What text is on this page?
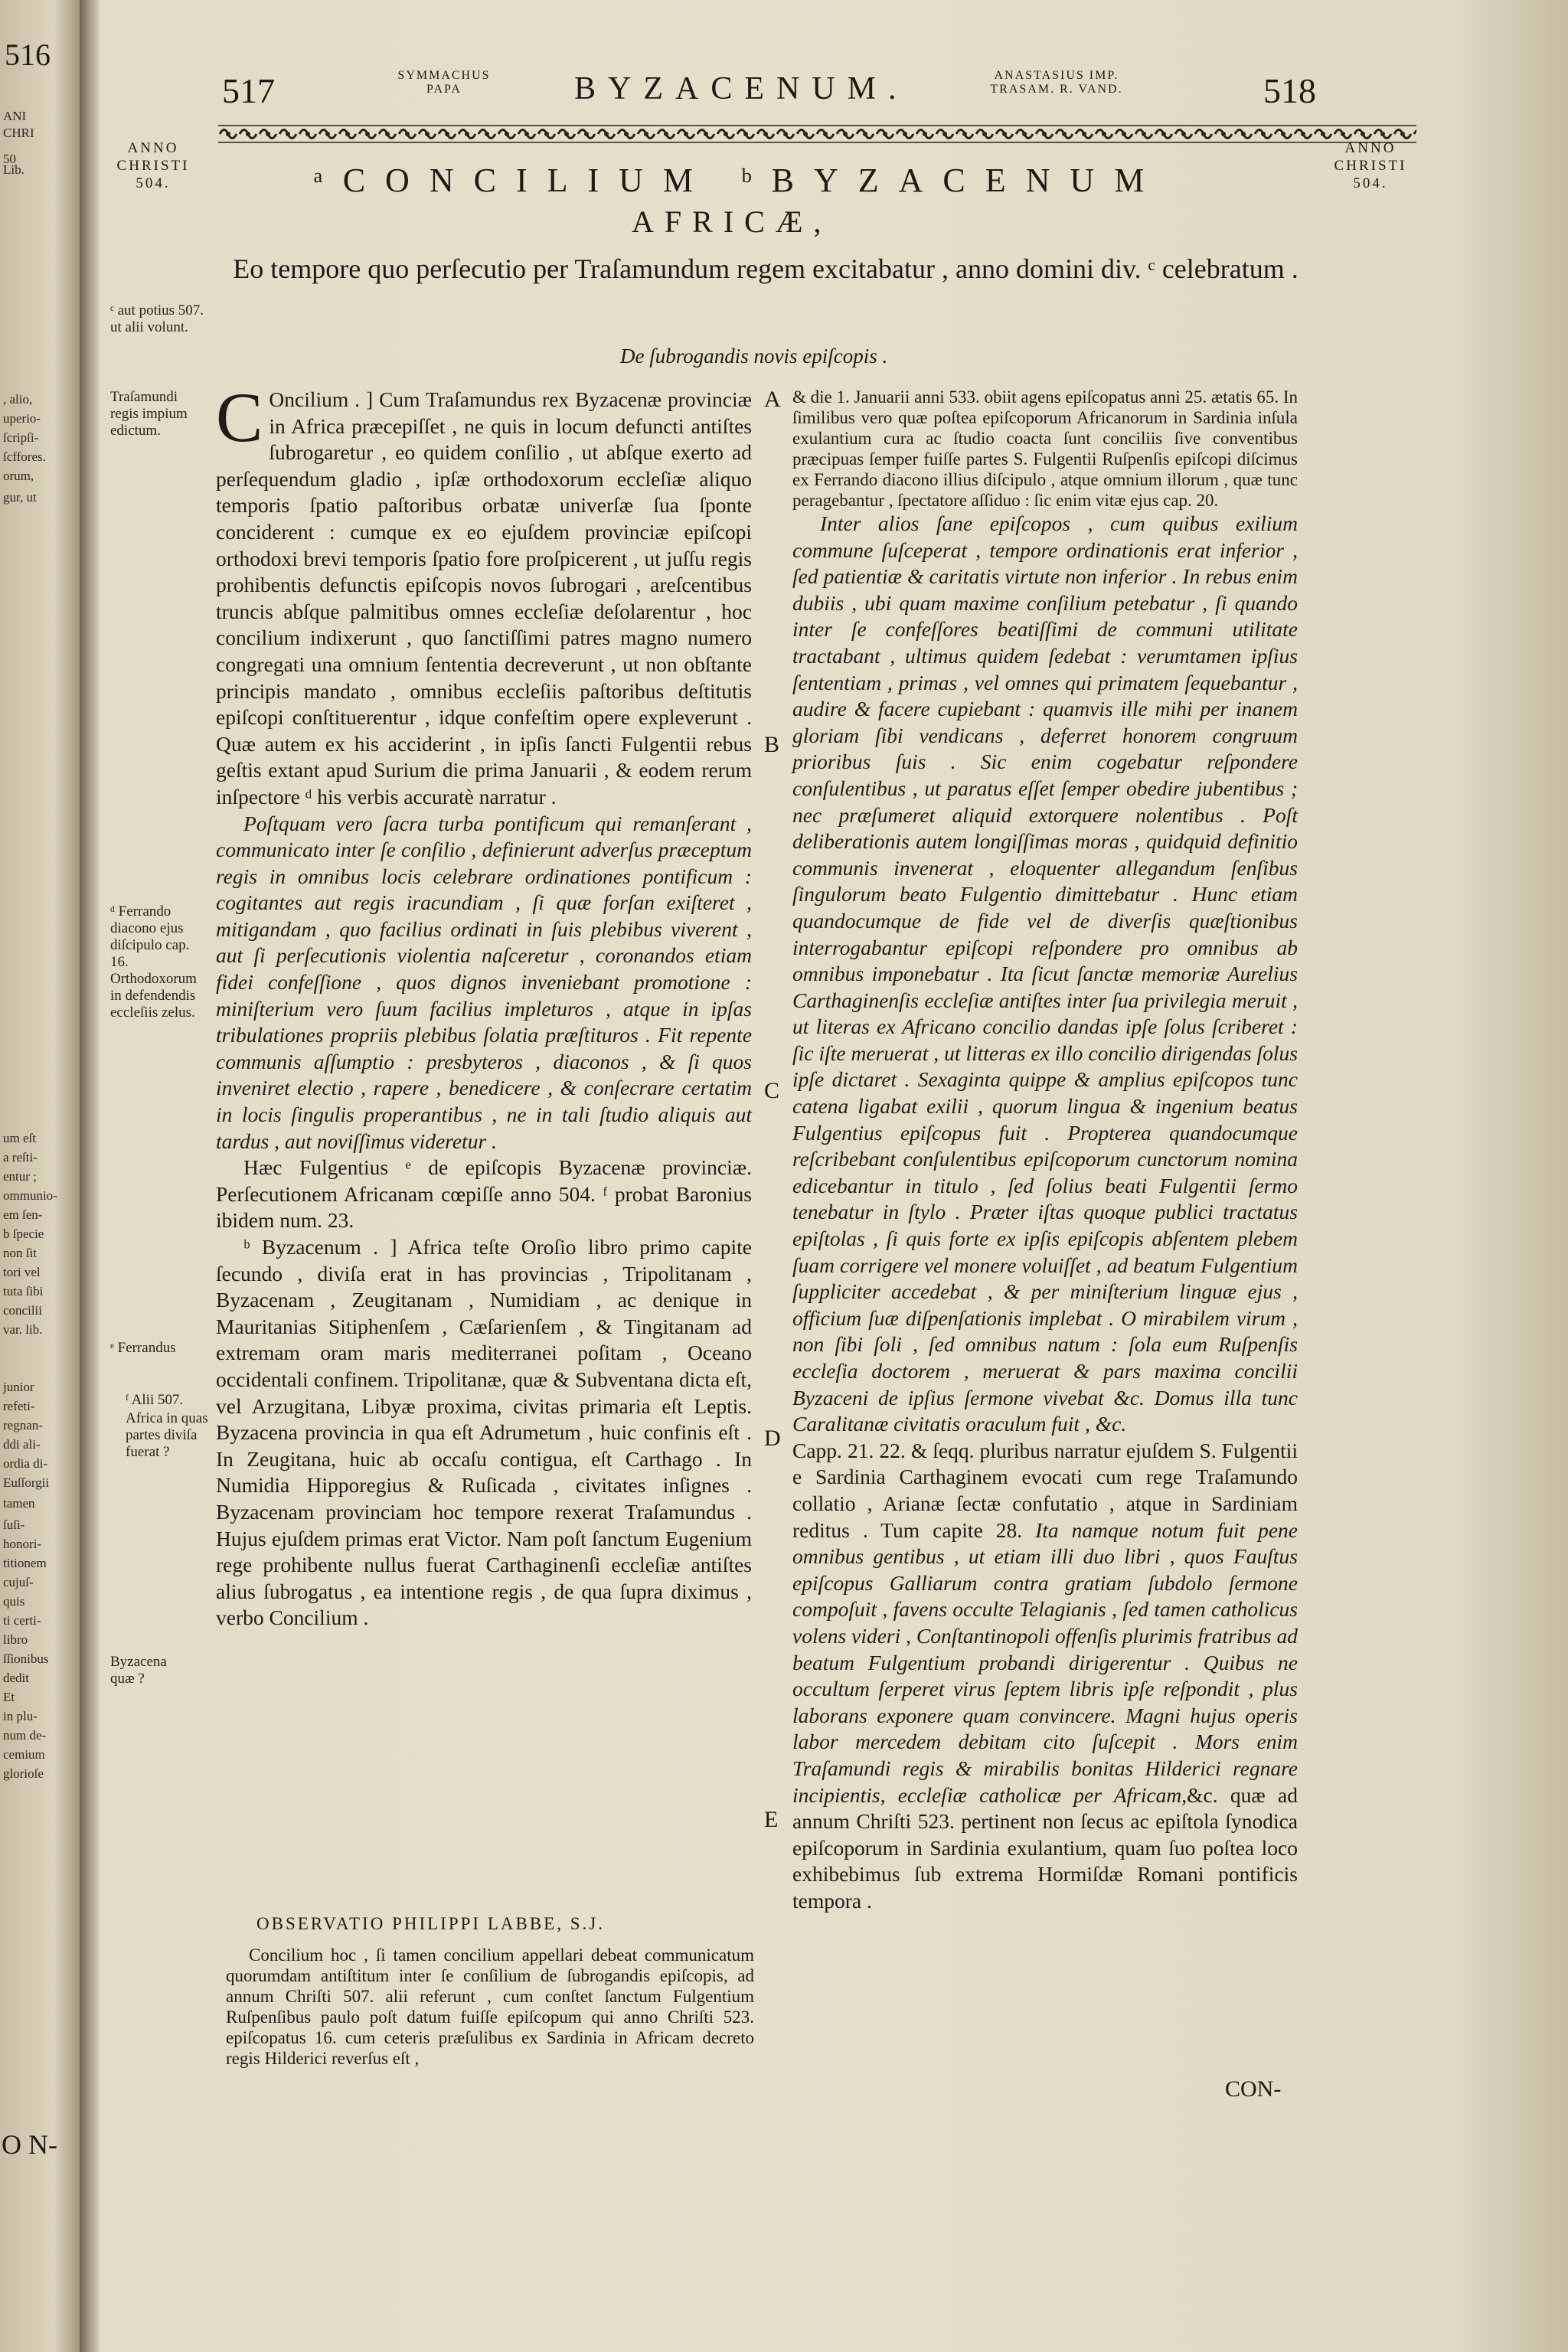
516
ANI
CHRI
50
Lib.
, alio,
uperio-
ſcripſi-
ſcffores.
orum,
gur, ut
um eſt
a reſti-
entur ;
ommunio-
em ſen-
b ſpecie
non ſit
tori vel
tuta ſibi
concilii
var. lib.
junior
refeti-
regnan-
ddi ali-
ordia di-
Euſſorgii
tamen
ſuſi-
honori-
titionem
cujuſ-
quis
ti certi-
libro
ſſionibus
dedit
Et
in plu-
num de-
cemium
glorioſe
O N-
517	SYMMACHUS
PAPA	BYZACENUM.	ANASTASIUS IMP.
TRASAM. R. VAND.	518
ANNO
CHRISTI
504.
ANNO
CHRISTI
504.
ᵃCONCILIUM ᵇBYZACENUM
AFRICÆ,
Eo tempore quo perſecutio per Traſamundum regem excitabatur , anno domini div. ᶜ celebratum .
De ſubrogandis novis epiſcopis .
ᶜ aut potius 507. ut alii volunt.
Traſamundi regis impium edictum.
ᵈ Ferrando diacono ejus diſcipulo cap. 16. Orthodoxorum in defendendis eccleſiis zelus.
ᵉ Ferrandus
ᶠ Alii 507.
Africa in quas partes diviſa fuerat ?
Byzacena quæ ?
A
B
C
D
E

C Oncilium . ] Cum Traſamundus rex Byzacenæ provinciæ in Africa præcepiſſet , ne quis in locum defuncti antiſtes ſubrogaretur , eo quidem conſilio , ut abſque exerto ad perſequendum gladio , ipſæ orthodoxorum eccleſiæ aliquo temporis ſpatio paſtoribus orbatæ univerſæ ſua ſponte conciderent : cumque ex eo ejuſdem provinciæ epiſcopi orthodoxi brevi temporis ſpatio fore proſpicerent , ut juſſu regis prohibentis defunctis epiſcopis novos ſubrogari , areſcentibus truncis abſque palmitibus omnes eccleſiæ deſolarentur , hoc concilium indixerunt , quo ſanctiſſimi patres magno numero congregati una omnium ſententia decreverunt , ut non obſtante principis mandato , omnibus eccleſiis paſtoribus deſtitutis epiſcopi conſtituerentur , idque confeſtim opere expleverunt . Quæ autem ex his acciderint , in ipſis ſancti Fulgentii rebus geſtis extant apud Surium die prima Januarii , & eodem rerum inſpectore ᵈ his verbis accuratè narratur .

Poſtquam vero ſacra turba pontificum qui remanſerant , communicato inter ſe conſilio , definierunt adverſus præceptum regis in omnibus locis celebrare ordinationes pontificum : cogitantes aut regis iracundiam , ſi quæ forſan exiſteret , mitigandam , quo facilius ordinati in ſuis plebibus viverent , aut ſi perſecutionis violentia naſceretur , coronandos etiam fidei confeſſione , quos dignos inveniebant promotione : miniſterium vero ſuum facilius impleturos , atque in ipſas tribulationes propriis plebibus ſolatia præſtituros . Fit repente communis aſſumptio : presbyteros , diaconos , & ſi quos inveniret electio , rapere , benedicere , & conſecrare certatim in locis ſingulis properantibus , ne in tali ſtudio aliquis aut tardus , aut noviſſimus videretur .

Hæc Fulgentius ᵉ de epiſcopis Byzacenæ provinciæ. Perſecutionem Africanam cœpiſſe anno 504. ᶠ probat Baronius ibidem num. 23.

ᵇ Byzacenum . ] Africa teſte Oroſio libro primo capite ſecundo , diviſa erat in has provincias , Tripolitanam , Byzacenam , Zeugitanam , Numidiam , ac denique in Mauritanias Sitiphenſem , Cæſarienſem , & Tingitanam ad extremam oram maris mediterranei poſitam , Oceano occidentali confinem. Tripolitanæ, quæ & Subventana dicta eſt, vel Arzugitana, Libyæ proxima, civitas primaria eſt Leptis. Byzacena provincia in qua eſt Adrumetum , huic confinis eſt . In Zeugitana, huic ab occaſu contigua, eſt Carthago . In Numidia Hipporegius & Ruſicada , civitates inſignes . Byzacenam provinciam hoc tempore rexerat Traſamundus . Hujus ejuſdem primas erat Victor. Nam poſt ſanctum Eugenium rege prohibente nullus fuerat Carthaginenſi eccleſiæ antiſtes alius ſubrogatus , ea intentione regis , de qua ſupra diximus , verbo Concilium .

OBSERVATIO PHILIPPI LABBE, S.J.

Concilium hoc , ſi tamen concilium appellari debeat communicatum quorumdam antiſtitum inter ſe conſilium de ſubrogandis epiſcopis, ad annum Chriſti 507. alii referunt , cum conſtet ſanctum Fulgentium Ruſpenſibus paulo poſt datum fuiſſe epiſcopum qui anno Chriſti 523. epiſcopatus 16. cum ceteris præſulibus ex Sardinia in Africam decreto regis Hilderici reverſus eſt ,

& die 1. Januarii anni 533. obiit agens epiſcopatus anni 25. ætatis 65. In ſimilibus vero quæ poſtea epiſcoporum Africanorum in Sardinia inſula exulantium cura ac ſtudio coacta ſunt conciliis ſive conventibus præcipuas ſemper fuiſſe partes S. Fulgentii Ruſpenſis epiſcopi diſcimus ex Ferrando diacono illius diſcipulo , atque omnium illorum , quæ tunc peragebantur , ſpectatore aſſiduo : ſic enim vitæ ejus cap. 20.

Inter alios ſane epiſcopos , cum quibus exilium commune ſuſceperat , tempore ordinationis erat inferior , ſed patientiæ & caritatis virtute non inferior . In rebus enim dubiis , ubi quam maxime conſilium petebatur , ſi quando inter ſe confeſſores beatiſſimi de communi utilitate tractabant , ultimus quidem ſedebat : verumtamen ipſius ſententiam , primas , vel omnes qui primatem ſequebantur , audire & facere cupiebant : quamvis ille mihi per inanem gloriam ſibi vendicans , deferret honorem congruum prioribus ſuis . Sic enim cogebatur reſpondere conſulentibus , ut paratus eſſet ſemper obedire jubentibus ; nec præſumeret aliquid extorquere nolentibus . Poſt deliberationis autem longiſſimas moras , quidquid definitio communis invenerat , eloquenter allegandum ſenſibus ſingulorum beato Fulgentio dimittebatur . Hunc etiam quandocumque de fide vel de diverſis quæſtionibus interrogabantur epiſcopi reſpondere pro omnibus ab omnibus imponebatur . Ita ſicut ſanctæ memoriæ Aurelius Carthaginenſis eccleſiæ antiſtes inter ſua privilegia meruit , ut literas ex Africano concilio dandas ipſe ſolus ſcriberet : ſic iſte meruerat , ut litteras ex illo concilio dirigendas ſolus ipſe dictaret . Sexaginta quippe & amplius epiſcopos tunc catena ligabat exilii , quorum lingua & ingenium beatus Fulgentius epiſcopus fuit . Propterea quandocumque reſcribebant conſulentibus epiſcoporum cunctorum nomina edicebantur in titulo , ſed ſolius beati Fulgentii ſermo tenebatur in ſtylo . Præter iſtas quoque publici tractatus epiſtolas , ſi quis forte ex ipſis epiſcopis abſentem plebem ſuam corrigere vel monere voluiſſet , ad beatum Fulgentium ſuppliciter accedebat , & per miniſterium linguæ ejus , officium ſuæ diſpenſationis implebat . O mirabilem virum , non ſibi ſoli , ſed omnibus natum : ſola eum Ruſpenſis eccleſia doctorem , meruerat & pars maxima concilii Byzaceni de ipſius ſermone vivebat &c. Domus illa tunc Caralitanæ civitatis oraculum fuit , &c.

Capp. 21. 22. & ſeqq. pluribus narratur ejuſdem S. Fulgentii e Sardinia Carthaginem evocati cum rege Traſamundo collatio , Arianæ ſectæ confutatio , atque in Sardiniam reditus . Tum capite 28. Ita namque notum fuit pene omnibus gentibus , ut etiam illi duo libri , quos Fauſtus epiſcopus Galliarum contra gratiam ſubdolo ſermone compoſuit , favens occulte Telagianis , ſed tamen catholicus volens videri , Conſtantinopoli offenſis plurimis fratribus ad beatum Fulgentium probandi dirigerentur . Quibus ne occultum ſerperet virus ſeptem libris ipſe reſpondit , plus laborans exponere quam convincere. Magni hujus operis labor mercedem debitam cito ſuſcepit . Mors enim Traſamundi regis & mirabilis bonitas Hilderici regnare incipientis, eccleſiæ catholicæ per Africam,&c. quæ ad annum Chriſti 523. pertinent non ſecus ac epiſtola ſynodica epiſcoporum in Sardinia exulantium, quam ſuo poſtea loco exhibebimus ſub extrema Hormiſdæ Romani pontificis tempora .

CON-
